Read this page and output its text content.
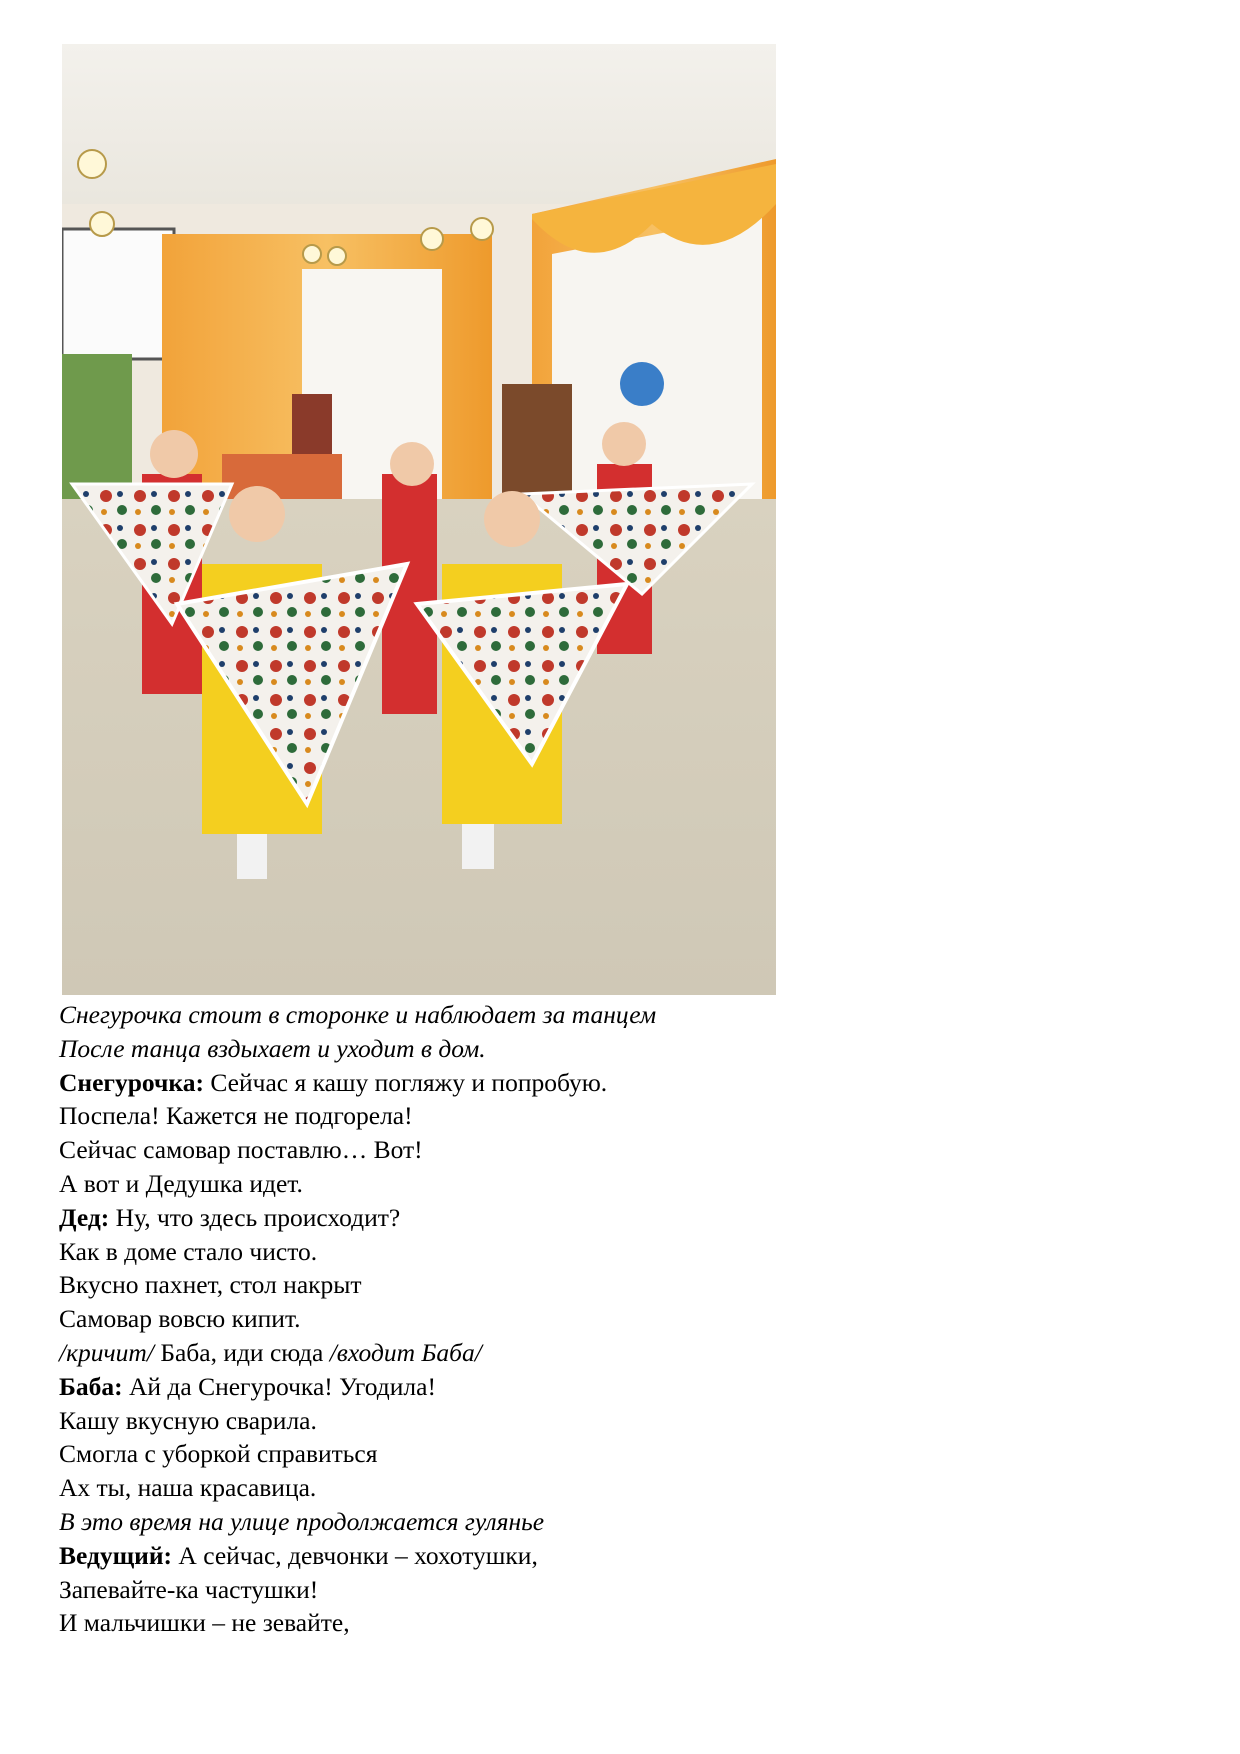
Снегурочка стоит в сторонке и наблюдает за танцем
После танца вздыхает и уходит в дом.
Снегурочка: Сейчас я кашу погляжу и попробую.
Поспела! Кажется не подгорела!
Сейчас самовар поставлю… Вот!
А вот и Дедушка идет.
Дед: Ну, что здесь происходит?
Как в доме стало чисто.
Вкусно пахнет, стол накрыт
Самовар вовсю кипит.
/кричит/ Баба, иди сюда /входит Баба/
Баба: Ай да Снегурочка! Угодила!
Кашу вкусную сварила.
Смогла с уборкой справиться
Ах ты, наша красавица.
В это время на улице продолжается гулянье
Ведущий: А сейчас, девчонки – хохотушки,
Запевайте-ка частушки!
И мальчишки – не зевайте,
